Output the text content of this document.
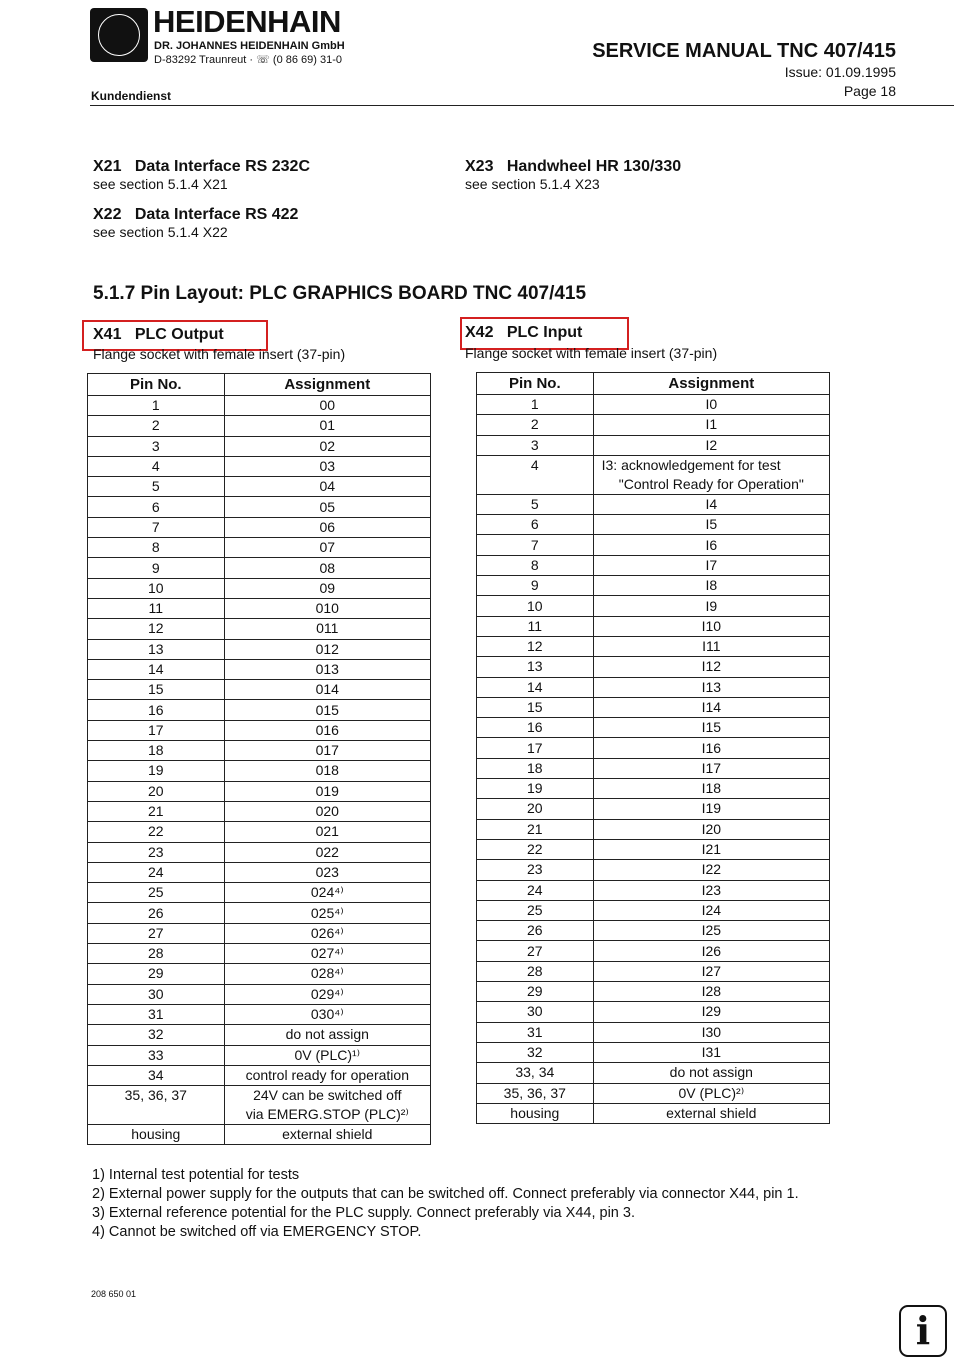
HEIDENHAIN
DR. JOHANNES HEIDENHAIN GmbH
D-83292 Traunreut · ☏ (0 86 69) 31-0
Kundendienst
SERVICE MANUAL TNC 407/415
Issue: 01.09.1995
Page 18
X21 Data Interface RS 232C
see section 5.1.4 X21
X22 Data Interface RS 422
see section 5.1.4 X22
X23 Handwheel HR 130/330
see section 5.1.4 X23
5.1.7 Pin Layout: PLC GRAPHICS BOARD TNC 407/415
X41 PLC Output
Flange socket with female insert (37-pin)
X42 PLC Input
Flange socket with female insert (37-pin)
Pin No.	Assignment
1	00
2	01
3	02
4	03
5	04
6	05
7	06
8	07
9	08
10	09
11	010
12	011
13	012
14	013
15	014
16	015
17	016
18	017
19	018
20	019
21	020
22	021
23	022
24	023
25	024⁴⁾
26	025⁴⁾
27	026⁴⁾
28	027⁴⁾
29	028⁴⁾
30	029⁴⁾
31	030⁴⁾
32	do not assign
33	0V (PLC)¹⁾
34	control ready for operation
35, 36, 37	24V can be switched off
via EMERG.STOP (PLC)²⁾

housing	external shield
Pin No.	Assignment
1	I0
2	I1
3	I2
4	I3: acknowledgement for test
"Control Ready for Operation"

5	I4
6	I5
7	I6
8	I7
9	I8
10	I9
11	I10
12	I11
13	I12
14	I13
15	I14
16	I15
17	I16
18	I17
19	I18
20	I19
21	I20
22	I21
23	I22
24	I23
25	I24
26	I25
27	I26
28	I27
29	I28
30	I29
31	I30
32	I31
33, 34	do not assign
35, 36, 37	0V (PLC)²⁾
housing	external shield
1) Internal test potential for tests
2) External power supply for the outputs that can be switched off. Connect preferably via connector X44, pin 1.
3) External reference potential for the PLC supply. Connect preferably via X44, pin 3.
4) Cannot be switched off via EMERGENCY STOP.
208 650 01
i
